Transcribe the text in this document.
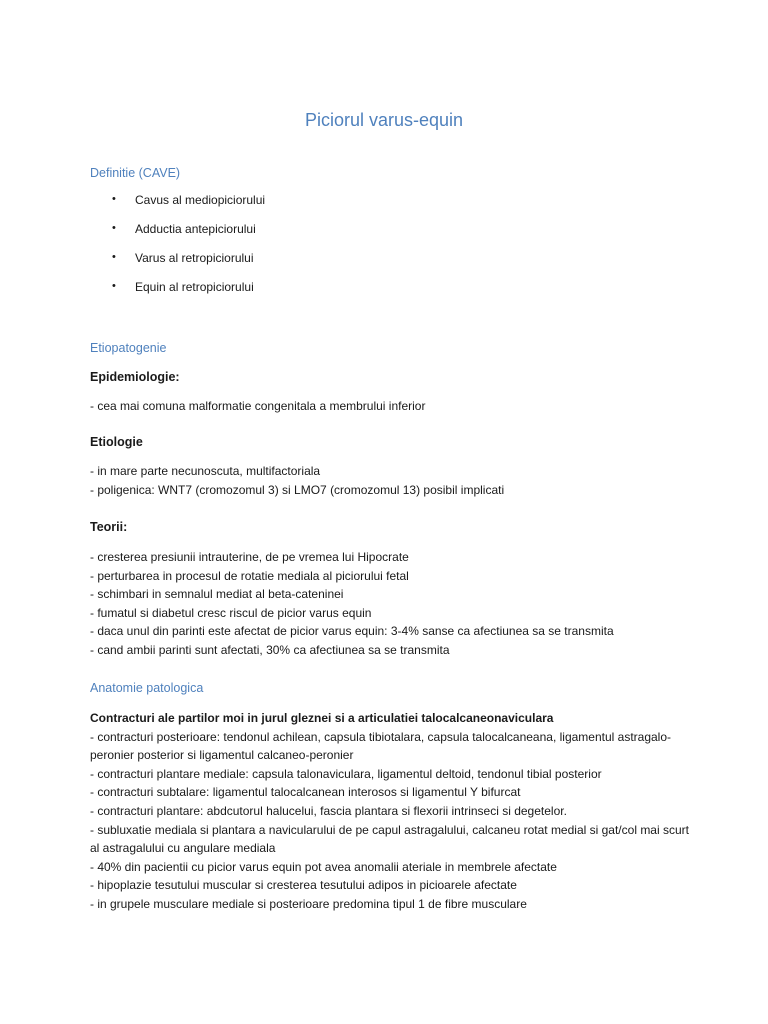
Piciorul varus-equin
Definitie (CAVE)
•	Cavus al mediopiciorului
•	Adductia antepiciorului
•	Varus al retropiciorului
•	Equin al retropiciorului
Etiopatogenie

Epidemiologie:

- cea mai comuna malformatie congenitala a membrului inferior

Etiologie

- in mare parte necunoscuta, multifactoriala
- poligenica: WNT7 (cromozomul 3) si LMO7 (cromozomul 13) posibil implicati

Teorii:

- cresterea presiunii intrauterine, de pe vremea lui Hipocrate
- perturbarea in procesul de rotatie mediala al piciorului fetal
- schimbari in semnalul mediat al beta-cateninei
- fumatul si diabetul cresc riscul de picior varus equin
- daca unul din parinti este afectat de picior varus equin: 3-4% sanse ca afectiunea sa se transmita
- cand ambii parinti sunt afectati, 30% ca afectiunea sa se transmita
Anatomie patologica
Contracturi ale partilor moi in jurul gleznei si a articulatiei talocalcaneonaviculara
- contracturi posterioare: tendonul achilean, capsula tibiotalara, capsula talocalcaneana, ligamentul astragalo-peronier posterior si ligamentul calcaneo-peronier
- contracturi plantare mediale: capsula talonaviculara, ligamentul deltoid, tendonul tibial posterior
- contracturi subtalare: ligamentul talocalcanean interosos si ligamentul Y bifurcat
- contracturi plantare: abdcutorul halucelui, fascia plantara si flexorii intrinseci si degetelor.
- subluxatie mediala si plantara a navicularului de pe capul astragalului, calcaneu rotat medial si gat/col mai scurt al astragalului cu angulare mediala
- 40% din pacientii cu picior varus equin pot avea anomalii ateriale in membrele afectate
- hipoplazie tesutului muscular si cresterea tesutului adipos in picioarele afectate
- in grupele musculare mediale si posterioare predomina tipul 1 de fibre musculare
